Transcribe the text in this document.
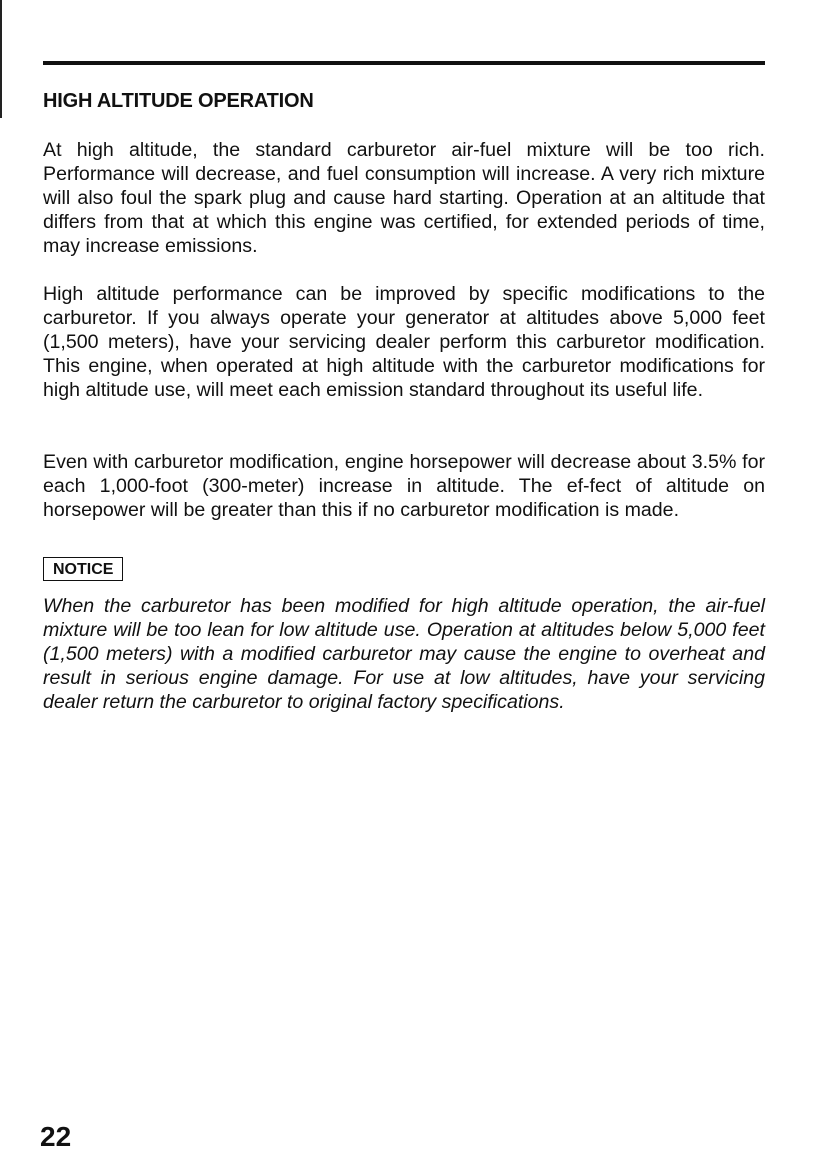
HIGH ALTITUDE OPERATION

At high altitude, the standard carburetor air-fuel mixture will be too rich. Performance will decrease, and fuel consumption will increase. A very rich mixture will also foul the spark plug and cause hard starting. Operation at an altitude that differs from that at which this engine was certified, for extended periods of time, may increase emissions.

High altitude performance can be improved by specific modifications to the carburetor. If you always operate your generator at altitudes above 5,000 feet (1,500 meters), have your servicing dealer perform this carburetor modification. This engine, when operated at high altitude with the carburetor modifications for high altitude use, will meet each emission standard throughout its useful life.

Even with carburetor modification, engine horsepower will decrease about 3.5% for each 1,000-foot (300-meter) increase in altitude. The ef-fect of altitude on horsepower will be greater than this if no carburetor modification is made.

NOTICE

When the carburetor has been modified for high altitude operation, the air-fuel mixture will be too lean for low altitude use. Operation at altitudes below 5,000 feet (1,500 meters) with a modified carburetor may cause the engine to overheat and result in serious engine damage. For use at low altitudes, have your servicing dealer return the carburetor to original factory specifications.

22
